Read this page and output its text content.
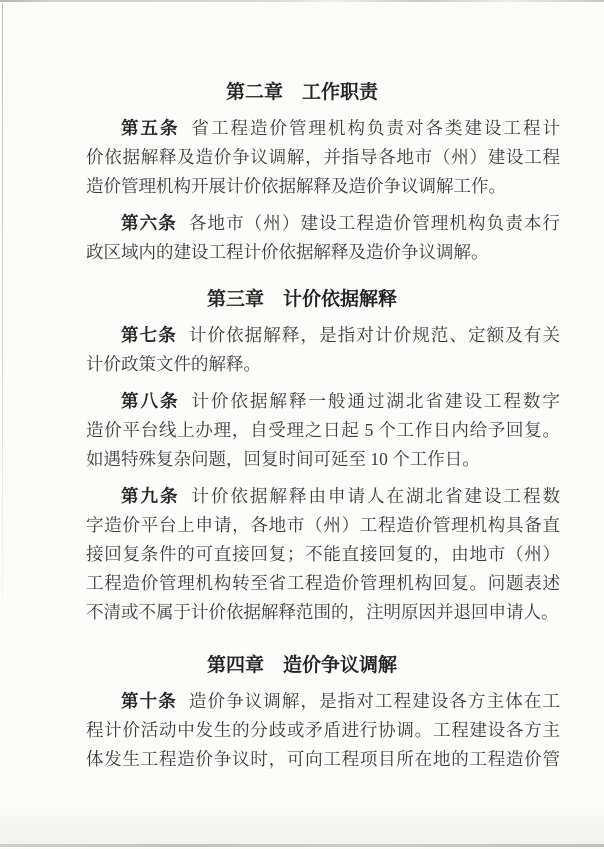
第二章　工作职责
第五条 省工程造价管理机构负责对各类建设工程计
价依据解释及造价争议调解，并指导各地市（州）建设工程
造价管理机构开展计价依据解释及造价争议调解工作。
第六条 各地市（州）建设工程造价管理机构负责本行
政区域内的建设工程计价依据解释及造价争议调解。
第三章　计价依据解释
第七条 计价依据解释，是指对计价规范、定额及有关
计价政策文件的解释。
第八条 计价依据解释一般通过湖北省建设工程数字
造价平台线上办理，自受理之日起 5 个工作日内给予回复。
如遇特殊复杂问题，回复时间可延至 10 个工作日。
第九条 计价依据解释由申请人在湖北省建设工程数
字造价平台上申请，各地市（州）工程造价管理机构具备直
接回复条件的可直接回复；不能直接回复的，由地市（州）
工程造价管理机构转至省工程造价管理机构回复。问题表述
不清或不属于计价依据解释范围的，注明原因并退回申请人。
第四章　造价争议调解
第十条 造价争议调解，是指对工程建设各方主体在工
程计价活动中发生的分歧或矛盾进行协调。工程建设各方主
体发生工程造价争议时，可向工程项目所在地的工程造价管
